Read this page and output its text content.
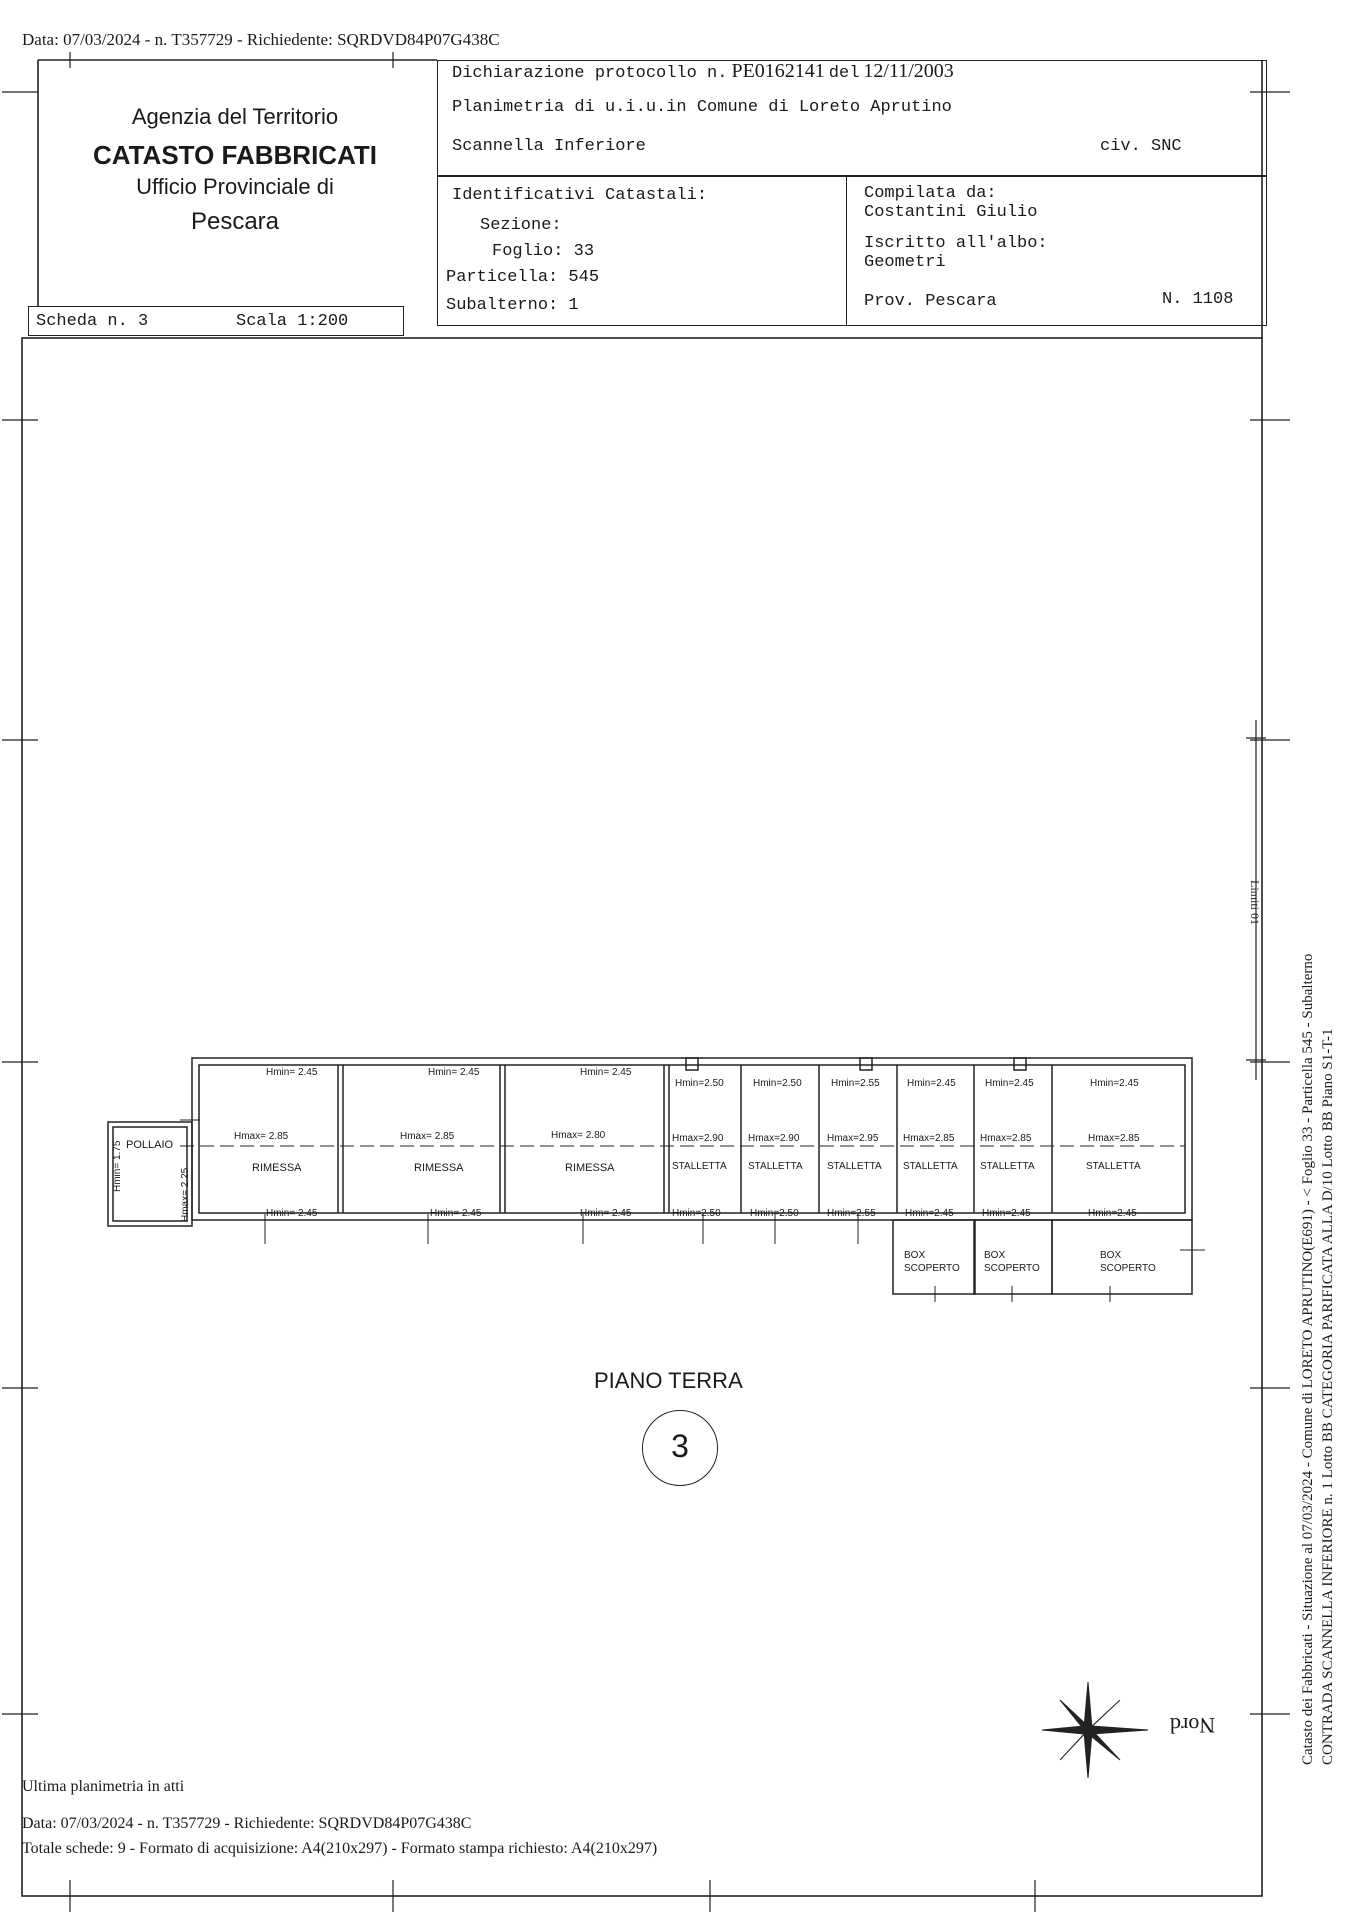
Data: 07/03/2024 - n. T357729 - Richiedente: SQRDVD84P07G438C
Agenzia del Territorio
CATASTO FABBRICATI
Ufficio Provinciale di
Pescara
Scheda n. 3	Scala 1:200
Dichiarazione protocollo n. PE0162141 del 12/11/2003
Planimetria di u.i.u.in Comune di Loreto Aprutino
Scannella Inferiore	civ. SNC
Identificativi Catastali:
Sezione:
Foglio: 33
Particella: 545
Subalterno: 1
Compilata da:
Costantini Giulio
Iscritto all'albo:
Geometri
Prov. Pescara	N. 1108
POLLAIO
Hmin= 1.75
Hmax= 2.25
Hmin= 2.45
Hmax= 2.85
RIMESSA
Hmin= 2.45
Hmin= 2.45
Hmax= 2.85
RIMESSA
Hmin= 2.45
Hmin= 2.45
Hmax= 2.80
RIMESSA
Hmin= 2.45
Hmin=2.50
Hmax=2.90
STALLETTA
Hmin=2.50
Hmin=2.50
Hmax=2.90
STALLETTA
Hmin=2.50
Hmin=2.55
Hmax=2.95
STALLETTA
Hmin=2.55
Hmin=2.45
Hmax=2.85
STALLETTA
Hmin=2.45
Hmin=2.45
Hmax=2.85
STALLETTA
Hmin=2.45
Hmin=2.45
Hmax=2.85
STALLETTA
Hmin=2.45
BOX
SCOPERTO
BOX
SCOPERTO
BOX
SCOPERTO
PIANO TERRA
3
Nord
Limiti 01
Catasto dei Fabbricati - Situazione al 07/03/2024 - Comune di LORETO APRUTINO(E691) - < Foglio 33 - Particella 545 - Subalterno CONTRADA SCANNELLA INFERIORE n. 1 Lotto BB CATEGORIA PARIFICATA ALLA D/10 Lotto BB Piano S1-T-1
Ultima planimetria in atti
Data: 07/03/2024 - n. T357729 - Richiedente: SQRDVD84P07G438C
Totale schede: 9 - Formato di acquisizione: A4(210x297) - Formato stampa richiesto: A4(210x297)
